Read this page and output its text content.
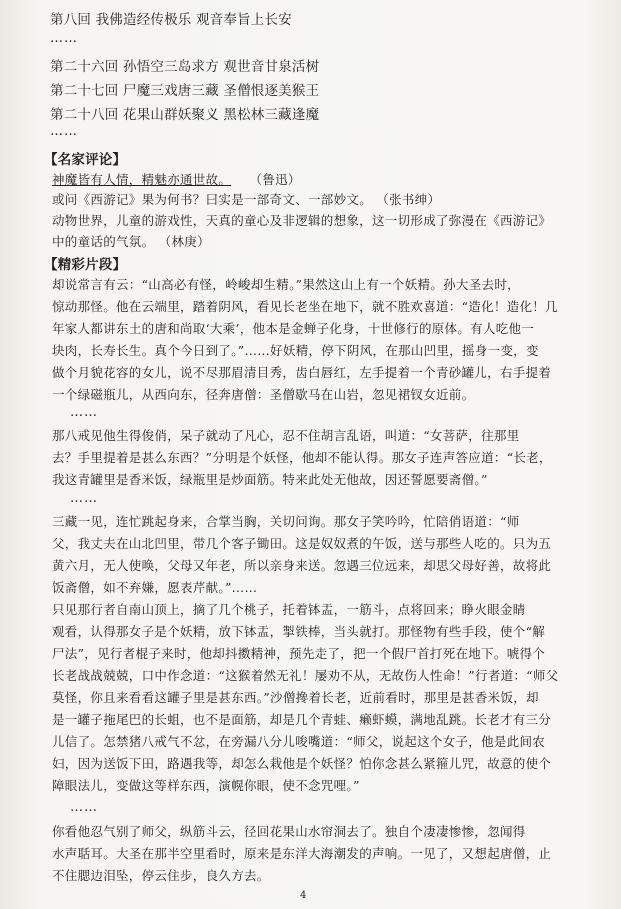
第八回 我佛造经传极乐 观音奉旨上长安
……
第二十六回 孙悟空三岛求方 观世音甘泉活树
第二十七回 尸魔三戏唐三藏 圣僧恨逐美猴王
第二十八回 花果山群妖聚义 黑松林三藏逢魔
……
【名家评论】
神魔皆有人情，精魅亦通世故。 （鲁迅）
或问《西游记》果为何书？曰实是一部奇文、一部妙文。 （张书绅）
动物世界，儿童的游戏性，天真的童心及非逻辑的想象，这一切形成了弥漫在《西游记》
中的童话的气氛。 （林庚）
【精彩片段】
却说常言有云：“山高必有怪，岭峻却生精。”果然这山上有一个妖精。孙大圣去时，
惊动那怪。他在云端里，踏着阴风，看见长老坐在地下，就不胜欢喜道：“造化！造化！几
年家人都讲东土的唐和尚取‘大乘’，他本是金蝉子化身，十世修行的原体。有人吃他一
块肉，长寿长生。真个今日到了。”……好妖精，停下阴风，在那山凹里，摇身一变，变
做个月貌花容的女儿，说不尽那眉清目秀，齿白唇红，左手提着一个青砂罐儿，右手提着
一个绿磁瓶儿，从西向东，径奔唐僧：圣僧歇马在山岩，忽见裙钗女近前。
……
那八戒见他生得俊俏，呆子就动了凡心，忍不住胡言乱语，叫道：“女菩萨，往那里
去？手里提着是甚么东西？”分明是个妖怪，他却不能认得。那女子连声答应道：“长老，
我这青罐里是香米饭，绿瓶里是炒面筋。特来此处无他故，因还誓愿要斋僧。”
……
三藏一见，连忙跳起身来，合掌当胸，关切问询。那女子笑吟吟，忙陪俏语道：“师
父，我丈夫在山北凹里，带几个客子锄田。这是奴奴煮的午饭，送与那些人吃的。只为五
黄六月，无人使唤，父母又年老，所以亲身来送。忽遇三位远来，却思父母好善，故将此
饭斋僧，如不弃嫌，愿表芹献。”……
只见那行者自南山顶上，摘了几个桃子，托着钵盂，一筋斗，点将回来；睁火眼金睛
观看，认得那女子是个妖精，放下钵盂，掣铁棒，当头就打。那怪物有些手段，使个“解
尸法”，见行者棍子来时，他却抖擞精神，预先走了，把一个假尸首打死在地下。唬得个
长老战战兢兢，口中作念道：“这猴着然无礼！屡劝不从，无故伤人性命！”行者道：“师父
莫怪，你且来看看这罐子里是甚东西。”沙僧搀着长老，近前看时，那里是甚香米饭，却
是一罐子拖尾巴的长蛆，也不是面筋，却是几个青蛙、癞虾蟆，满地乱跳。长老才有三分
儿信了。怎禁猪八戒气不忿，在旁漏八分儿唆嘴道：“师父，说起这个女子，他是此间农
妇，因为送饭下田，路遇我等，却怎么栽他是个妖怪？怕你念甚么紧箍儿咒，故意的使个
障眼法儿，变做这等样东西，演幌你眼，使不念咒哩。”
……
你看他忍气别了师父，纵筋斗云，径回花果山水帘洞去了。独自个凄凄惨惨，忽闻得
水声聒耳。大圣在那半空里看时，原来是东洋大海潮发的声响。一见了，又想起唐僧，止
不住腮边泪坠，停云住步，良久方去。
4
